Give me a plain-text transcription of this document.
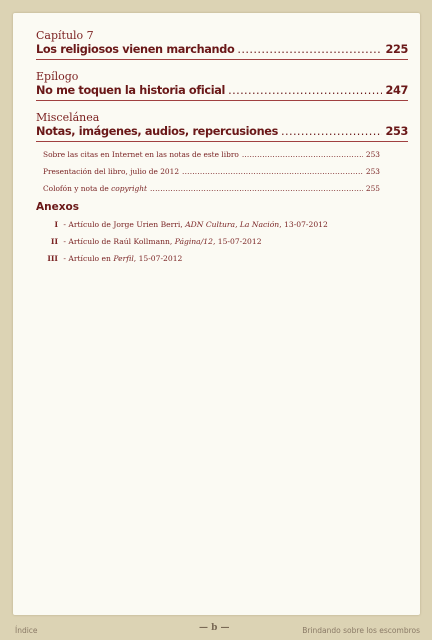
Capítulo 7
Los religiosos vienen marchando .....	225
Epílogo
No me toquen la historia oficial .....	247
Miscelánea
Notas, imágenes, audios, repercusiones .....	253
Sobre las citas en Internet en las notas de este libro .....	253
Presentación del libro, julio de 2012 .....	253
Colofón y nota de copyright .....	255
Anexos
I - Artículo de Jorge Urien Berri, ADN Cultura, La Nación, 13-07-2012
II - Artículo de Raúl Kollmann, Página/12, 15-07-2012
III - Artículo en Perfil, 15-07-2012
Índice	— b —	Brindando sobre los escombros
